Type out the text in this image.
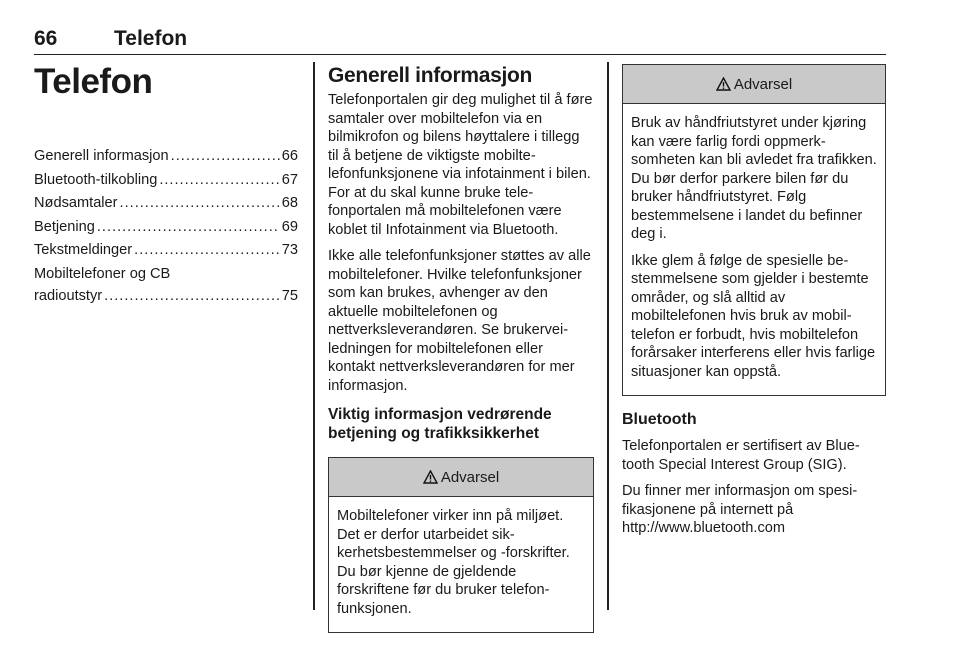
66	Telefon
Telefon
Generell informasjon .....	66
Bluetooth-tilkobling .....	67
Nødsamtaler .....	68
Betjening .....	69
Tekstmeldinger .....	73
Mobiltelefoner og CB
radioutstyr .....	75
Generell informasjon

Telefonportalen gir deg mulighet til å føre samtaler over mobiltelefon via en bilmikrofon og bilens høyttalere i tillegg til å betjene de viktigste mobiltelefonfunksjonene via infotainment i bilen. For at du skal kunne bruke telefonportalen må mobiltelefonen være koblet til Infotainment via Bluetooth.

Ikke alle telefonfunksjoner støttes av alle mobiltelefoner. Hvilke telefonfunksjoner som kan brukes, avhenger av den aktuelle mobiltelefonen og nettverksleverandøren. Se brukerveiledningen for mobiltelefonen eller kontakt nettverksleverandøren for mer informasjon.

Viktig informasjon vedrørende betjening og trafikksikkerhet
Advarsel

Mobiltelefoner virker inn på miljøet. Det er derfor utarbeidet sikkerhetsbestemmelser og -forskrifter. Du bør kjenne de gjeldende forskriftene før du bruker telefonfunksjonen.

Advarsel

Bruk av håndfriutstyret under kjøring kan være farlig fordi oppmerksomheten kan bli avledet fra trafikken. Du bør derfor parkere bilen før du bruker håndfriutstyret. Følg bestemmelsene i landet du befinner deg i.

Ikke glem å følge de spesielle bestemmelsene som gjelder i bestemte områder, og slå alltid av mobiltelefonen hvis bruk av mobiltelefon er forbudt, hvis mobiltelefon forårsaker interferens eller hvis farlige situasjoner kan oppstå.

Bluetooth

Telefonportalen er sertifisert av Bluetooth Special Interest Group (SIG).

Du finner mer informasjon om spesifikasjonene på internett på http://www.bluetooth.com
